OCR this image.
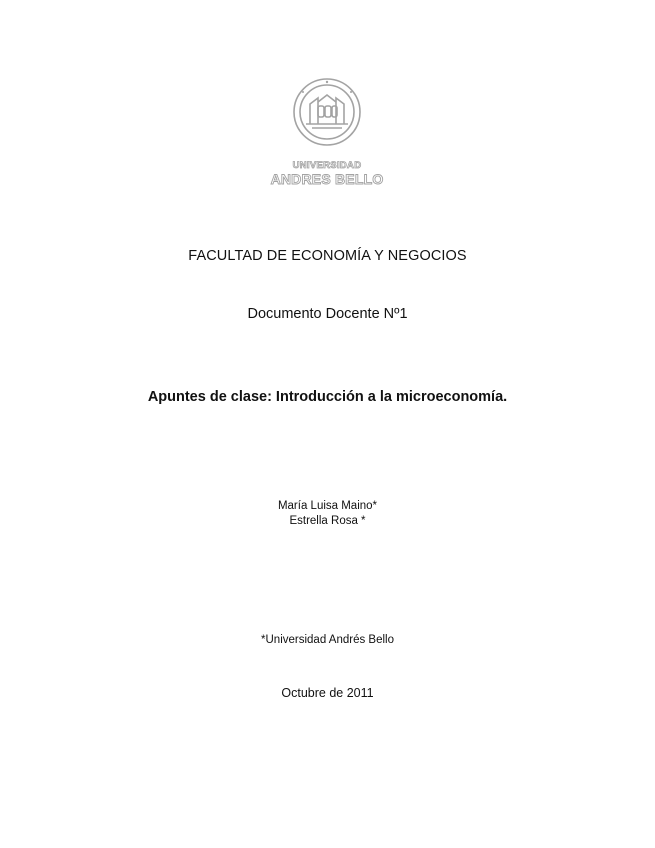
UNIVERSIDAD
ANDRES BELLO
FACULTAD DE ECONOMÍA Y NEGOCIOS
Documento Docente Nº1
Apuntes de clase: Introducción a la microeconomía.
María Luisa Maino*
Estrella Rosa *
*Universidad Andrés Bello
Octubre de 2011
